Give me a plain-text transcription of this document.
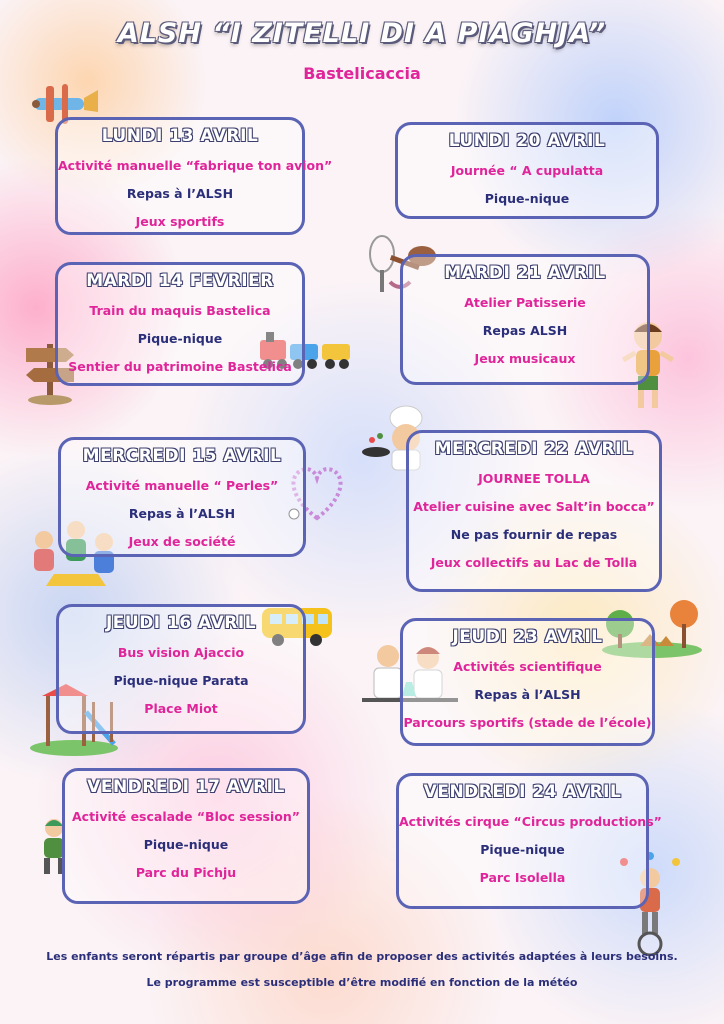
ALSH “I ZITELLI DI A PIAGHJA”
Bastelicaccia
LUNDI 13 AVRIL
Activité manuelle “fabrique ton avion”
Repas à l’ALSH
Jeux sportifs
LUNDI 20 AVRIL
Journée “ A cupulatta
Pique-nique
MARDI 14 FEVRIER
Train du maquis Bastelica
Pique-nique
Sentier du patrimoine Bastelica
MARDI 21 AVRIL
Atelier Patisserie
Repas ALSH
Jeux musicaux
MERCREDI 15 AVRIL
Activité manuelle “ Perles”
Repas à l’ALSH
Jeux de société
MERCREDI 22 AVRIL
JOURNEE TOLLA
Atelier cuisine avec Salt’in bocca”
Ne pas fournir de repas
Jeux collectifs au Lac de Tolla
JEUDI 16 AVRIL
Bus vision Ajaccio
Pique-nique Parata
Place Miot
JEUDI 23 AVRIL
Activités scientifique
Repas à l’ALSH
Parcours sportifs (stade de l’école)
VENDREDI 17 AVRIL
Activité escalade “Bloc session”
Pique-nique
Parc du Pichju
VENDREDI 24 AVRIL
Activités cirque “Circus productions”
Pique-nique
Parc Isolella
Les enfants seront répartis par groupe d’âge afin de proposer des activités adaptées à leurs besoins.
Le programme est susceptible d’être modifié en fonction de la météo
